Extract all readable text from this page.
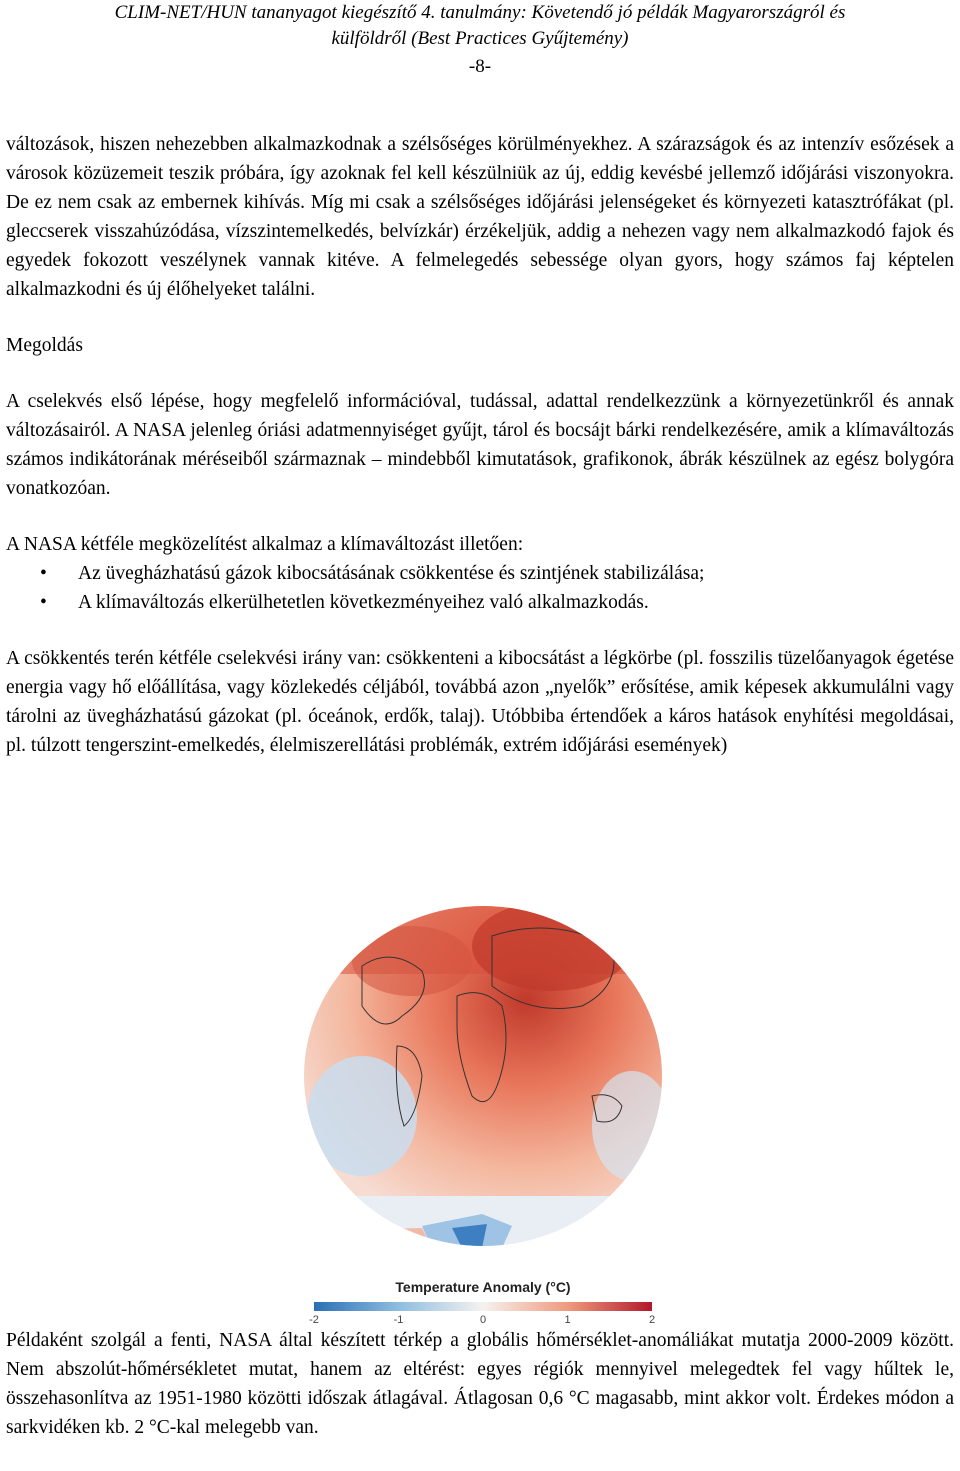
CLIM-NET/HUN tananyagot kiegészítő 4. tanulmány: Követendő jó példák Magyarországról és
külföldről (Best Practices Gyűjtemény)
-8-

változások, hiszen nehezebben alkalmazkodnak a szélsőséges körülményekhez. A szárazságok és az intenzív esőzések a városok közüzemeit teszik próbára, így azoknak fel kell készülniük az új, eddig kevésbé jellemző időjárási viszonyokra. De ez nem csak az embernek kihívás. Míg mi csak a szélsőséges időjárási jelenségeket és környezeti katasztrófákat (pl. gleccserek visszahúzódása, vízszintemelkedés, belvízkár) érzékeljük, addig a nehezen vagy nem alkalmazkodó fajok és egyedek fokozott veszélynek vannak kitéve. A felmelegedés sebessége olyan gyors, hogy számos faj képtelen alkalmazkodni és új élőhelyeket találni.

Megoldás

A cselekvés első lépése, hogy megfelelő információval, tudással, adattal rendelkezzünk a környezetünkről és annak változásairól. A NASA jelenleg óriási adatmennyiséget gyűjt, tárol és bocsájt bárki rendelkezésére, amik a klímaváltozás számos indikátorának méréseiből származnak – mindebből kimutatások, grafikonok, ábrák készülnek az egész bolygóra vonatkozóan.

A NASA kétféle megközelítést alkalmaz a klímaváltozást illetően:

• Az üvegházhatású gázok kibocsátásának csökkentése és szintjének stabilizálása;
• A klímaváltozás elkerülhetetlen következményeihez való alkalmazkodás.

A csökkentés terén kétféle cselekvési irány van: csökkenteni a kibocsátást a légkörbe (pl. fosszilis tüzelőanyagok égetése energia vagy hő előállítása, vagy közlekedés céljából, továbbá azon „nyelők” erősítése, amik képesek akkumulálni vagy tárolni az üvegházhatású gázokat (pl. óceánok, erdők, talaj). Utóbbiba értendőek a káros hatások enyhítési megoldásai, pl. túlzott tengerszint-emelkedés, élelmiszerellátási problémák, extrém időjárási események)

Temperature Anomaly (°C)
-2	-1	0	1	2

Példaként szolgál a fenti, NASA által készített térkép a globális hőmérséklet-anomáliákat mutatja 2000-2009 között. Nem abszolút-hőmérsékletet mutat, hanem az eltérést: egyes régiók mennyivel melegedtek fel vagy hűltek le, összehasonlítva az 1951-1980 közötti időszak átlagával. Átlagosan 0,6 °C magasabb, mint akkor volt. Érdekes módon a sarkvidéken kb. 2 °C-kal melegebb van.
